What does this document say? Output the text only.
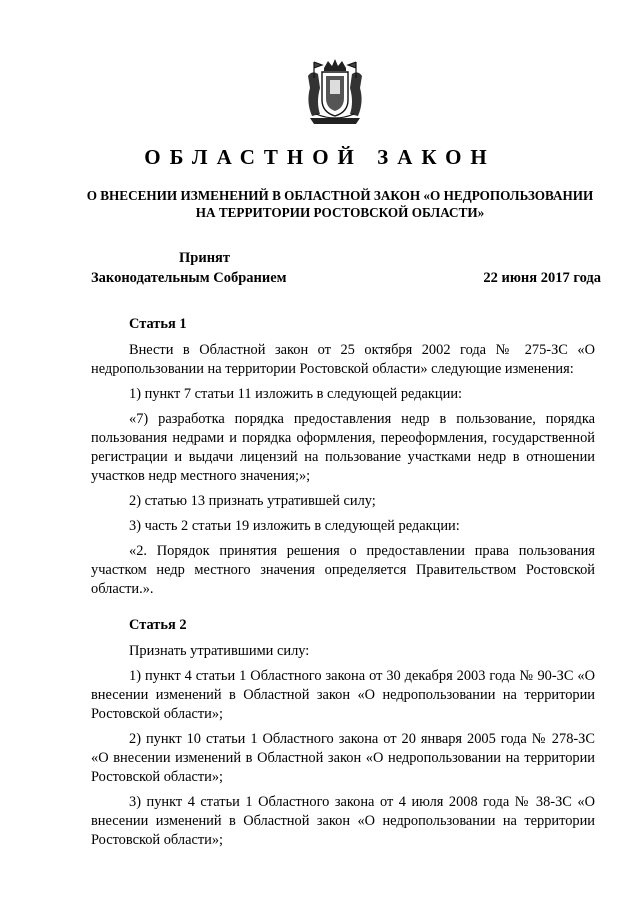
ОБЛАСТНОЙ ЗАКОН
О ВНЕСЕНИИ ИЗМЕНЕНИЙ В ОБЛАСТНОЙ ЗАКОН «О НЕДРОПОЛЬЗОВАНИИ
НА ТЕРРИТОРИИ РОСТОВСКОЙ ОБЛАСТИ»
Принят
Законодательным Собранием	22 июня 2017 года
Статья 1

Внести в Областной закон от 25 октября 2002 года № 275-ЗС «О недропользовании на территории Ростовской области» следующие изменения:

1) пункт 7 статьи 11 изложить в следующей редакции:

«7) разработка порядка предоставления недр в пользование, порядка пользования недрами и порядка оформления, переоформления, государственной регистрации и выдачи лицензий на пользование участками недр в отношении участков недр местного значения;»;

2) статью 13 признать утратившей силу;

3) часть 2 статьи 19 изложить в следующей редакции:

«2. Порядок принятия решения о предоставлении права пользования участком недр местного значения определяется Правительством Ростовской области.».

Статья 2

Признать утратившими силу:

1) пункт 4 статьи 1 Областного закона от 30 декабря 2003 года № 90-ЗС «О внесении изменений в Областной закон «О недропользовании на территории Ростовской области»;

2) пункт 10 статьи 1 Областного закона от 20 января 2005 года № 278-ЗС «О внесении изменений в Областной закон «О недропользовании на территории Ростовской области»;

3) пункт 4 статьи 1 Областного закона от 4 июля 2008 года № 38-ЗС «О внесении изменений в Областной закон «О недропользовании на территории Ростовской области»;
